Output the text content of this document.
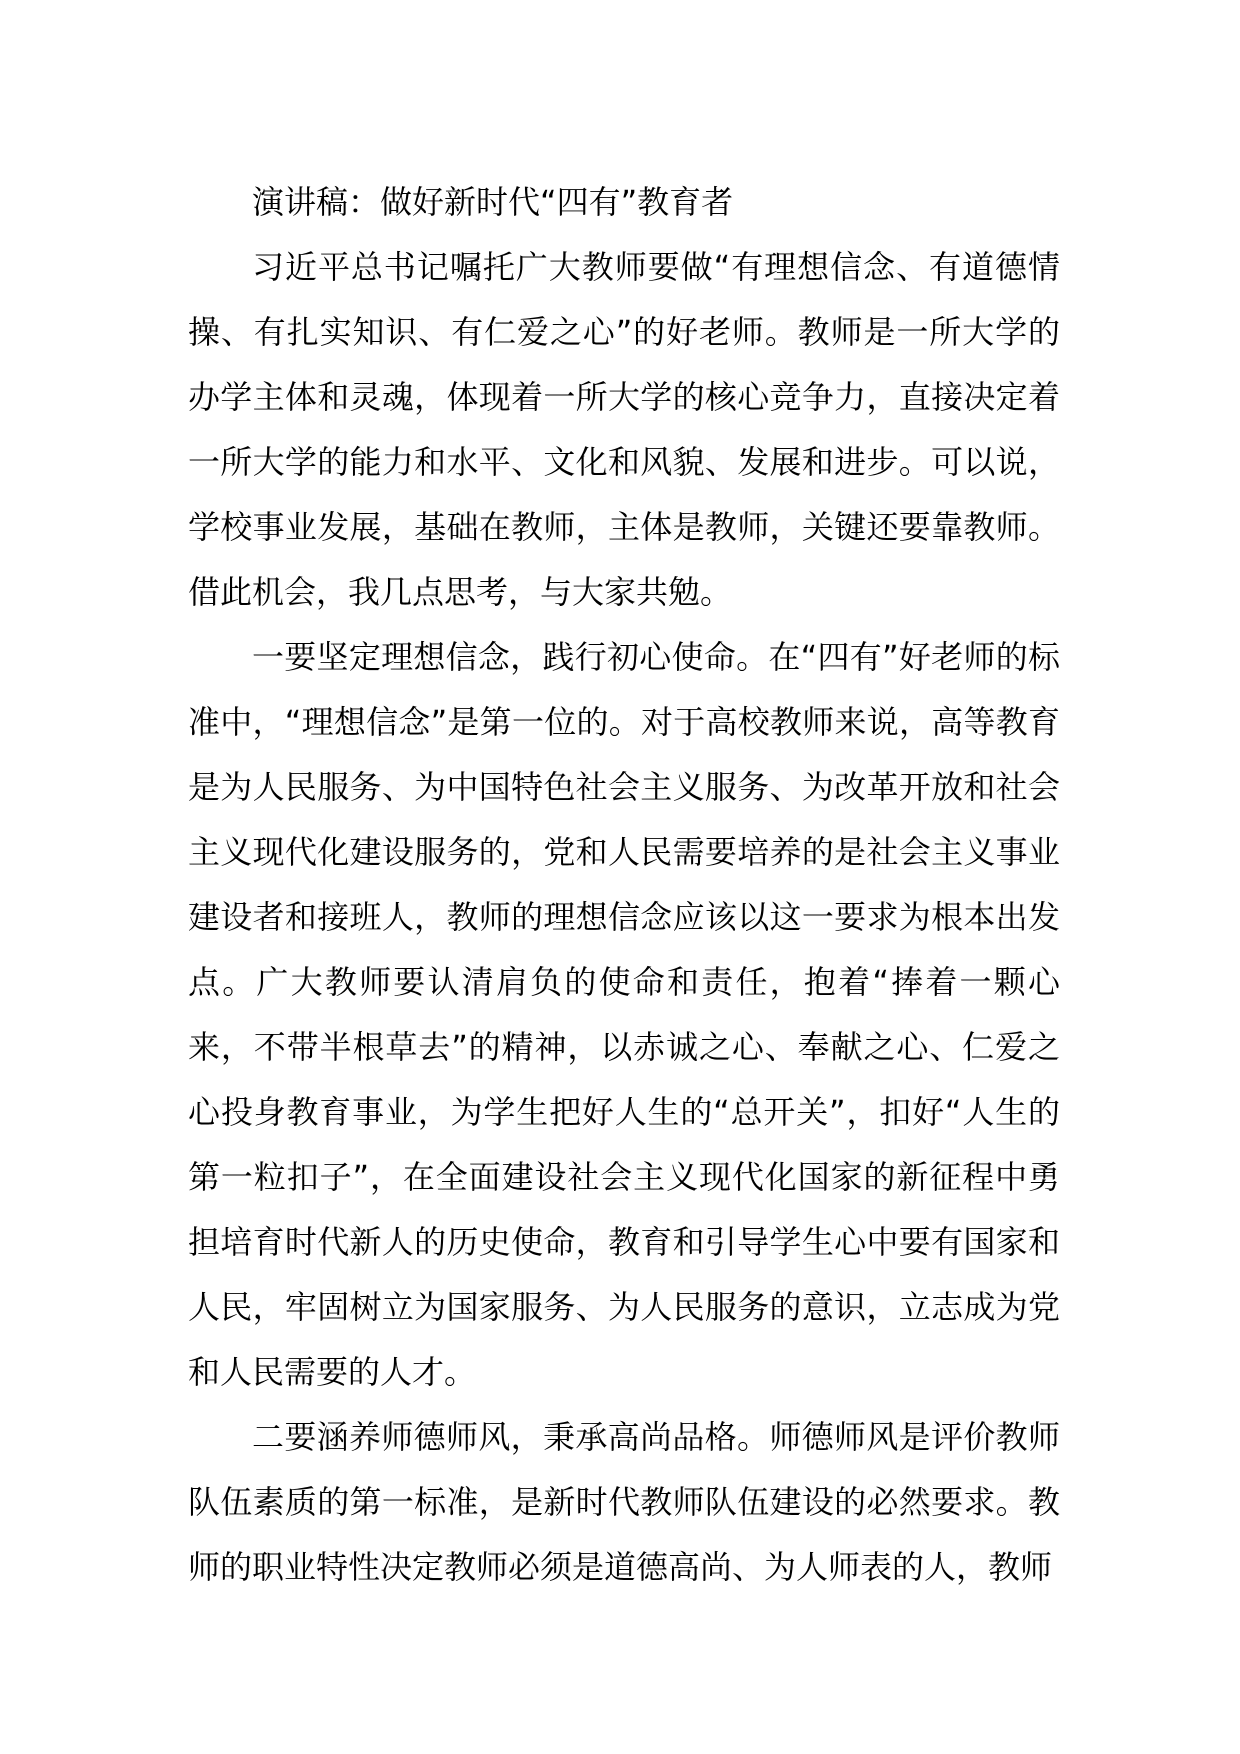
演讲稿：做好新时代“四有”教育者

习近平总书记嘱托广大教师要做“有理想信念、有道德情操、有扎实知识、有仁爱之心”的好老师。教师是一所大学的办学主体和灵魂，体现着一所大学的核心竞争力，直接决定着一所大学的能力和水平、文化和风貌、发展和进步。可以说，学校事业发展，基础在教师，主体是教师，关键还要靠教师。借此机会，我几点思考，与大家共勉。

一要坚定理想信念，践行初心使命。在“四有”好老师的标准中，“理想信念”是第一位的。对于高校教师来说，高等教育是为人民服务、为中国特色社会主义服务、为改革开放和社会主义现代化建设服务的，党和人民需要培养的是社会主义事业建设者和接班人，教师的理想信念应该以这一要求为根本出发点。广大教师要认清肩负的使命和责任，抱着“捧着一颗心来，不带半根草去”的精神，以赤诚之心、奉献之心、仁爱之心投身教育事业，为学生把好人生的“总开关”，扣好“人生的第一粒扣子”，在全面建设社会主义现代化国家的新征程中勇担培育时代新人的历史使命，教育和引导学生心中要有国家和人民，牢固树立为国家服务、为人民服务的意识，立志成为党和人民需要的人才。

二要涵养师德师风，秉承高尚品格。师德师风是评价教师队伍素质的第一标准，是新时代教师队伍建设的必然要求。教师的职业特性决定教师必须是道德高尚、为人师表的人，教师
